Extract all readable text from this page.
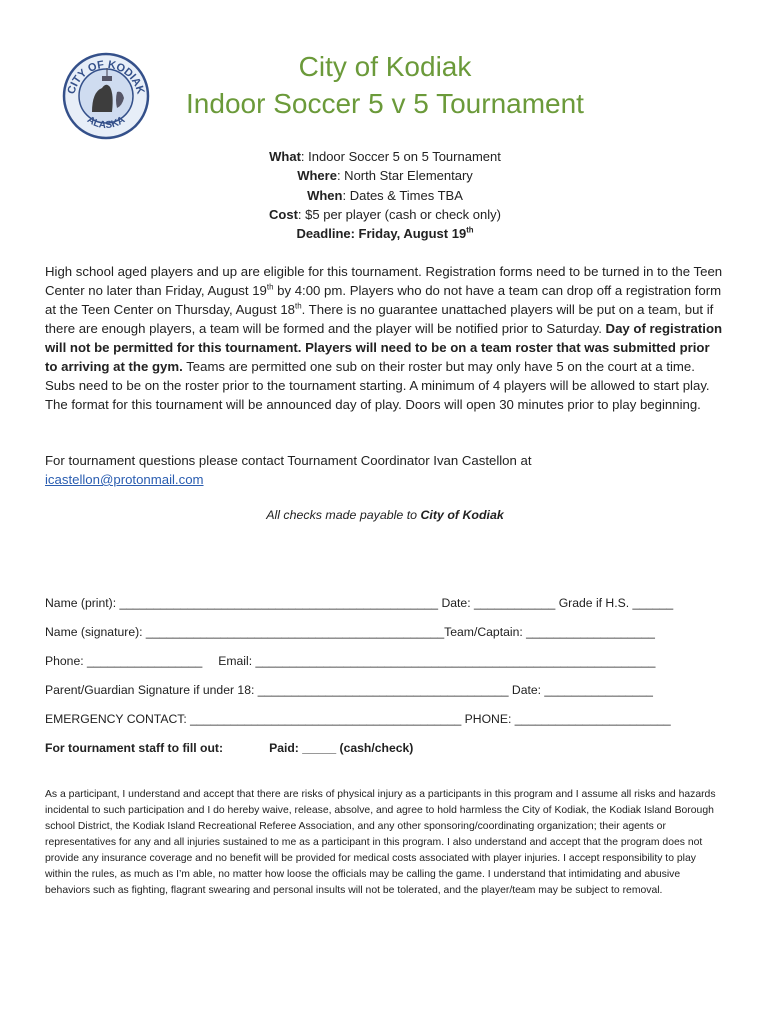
CITY OF KODIAK
ALASKA
City of Kodiak
Indoor Soccer 5 v 5 Tournament
What: Indoor Soccer 5 on 5 Tournament
Where: North Star Elementary
When: Dates & Times TBA
Cost: $5 per player (cash or check only)
Deadline: Friday, August 19th
High school aged players and up are eligible for this tournament. Registration forms need to be turned in to the Teen Center no later than Friday, August 19th by 4:00 pm. Players who do not have a team can drop off a registration form at the Teen Center on Thursday, August 18th. There is no guarantee unattached players will be put on a team, but if there are enough players, a team will be formed and the player will be notified prior to Saturday. Day of registration will not be permitted for this tournament. Players will need to be on a team roster that was submitted prior to arriving at the gym. Teams are permitted one sub on their roster but may only have 5 on the court at a time. Subs need to be on the roster prior to the tournament starting. A minimum of 4 players will be allowed to start play. The format for this tournament will be announced day of play. Doors will open 30 minutes prior to play beginning.
For tournament questions please contact Tournament Coordinator Ivan Castellon at
icastellon@protonmail.com
All checks made payable to City of Kodiak
Name (print): _______________________________________________ Date: ____________ Grade if H.S. ______
Name (signature): ____________________________________________Team/Captain: ___________________
Phone: _________________ Email: ___________________________________________________________
Parent/Guardian Signature if under 18: _____________________________________ Date: ________________
EMERGENCY CONTACT: ________________________________________ PHONE: _______________________
For tournament staff to fill out:	Paid: _____ (cash/check)
As a participant, I understand and accept that there are risks of physical injury as a participants in this program and I assume all risks and hazards incidental to such participation and I do hereby waive, release, absolve, and agree to hold harmless the City of Kodiak, the Kodiak Island Borough school District, the Kodiak Island Recreational Referee Association, and any other sponsoring/coordinating organization; their agents or representatives for any and all injuries sustained to me as a participant in this program. I also understand and accept that the program does not provide any insurance coverage and no benefit will be provided for medical costs associated with player injuries. I accept responsibility to play within the rules, as much as I’m able, no matter how loose the officials may be calling the game. I understand that intimidating and abusive behaviors such as fighting, flagrant swearing and personal insults will not be tolerated, and the player/team may be subject to removal.
